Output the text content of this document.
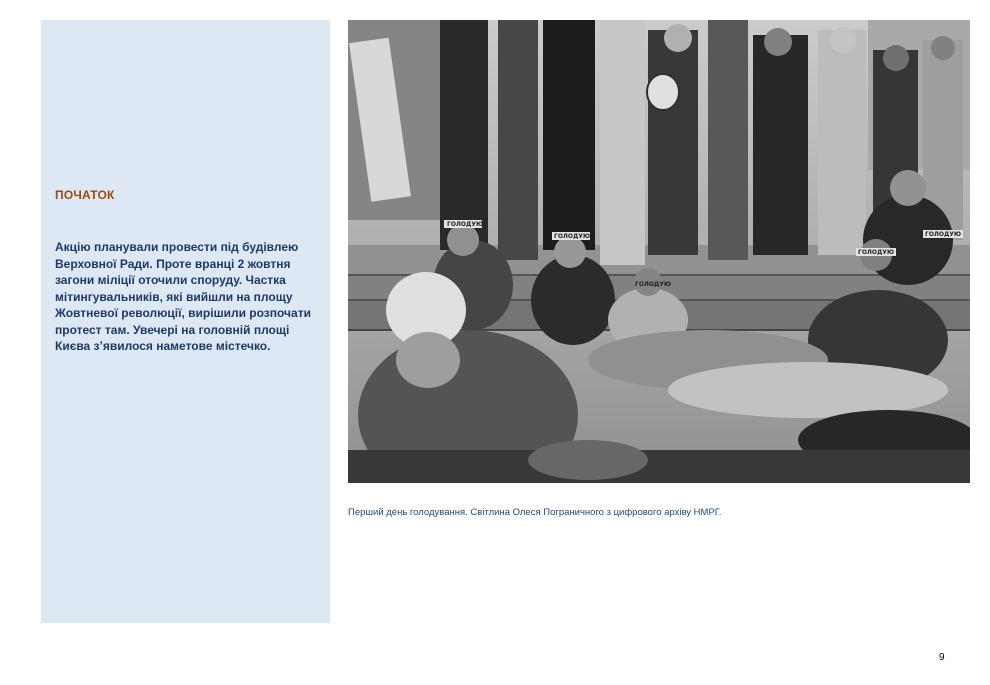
ПОЧАТОК

Акцію планували провести під будівлею Верховної Ради. Проте вранці 2 жовтня загони міліції оточили споруду. Частка мітингувальників, які вийшли на площу Жовтневої революції, вирішили розпочати протест там. Увечері на головній площі Києва з’явилося наметове містечко.

ГОЛОДУЮ
ГОЛОДУЮ
ГОЛОДУЮ
ГОЛОДУЮ
ГОЛОДУЮ

Перший день голодування. Світлина Олеся Пограничного з цифрового архіву НМРГ.

9
